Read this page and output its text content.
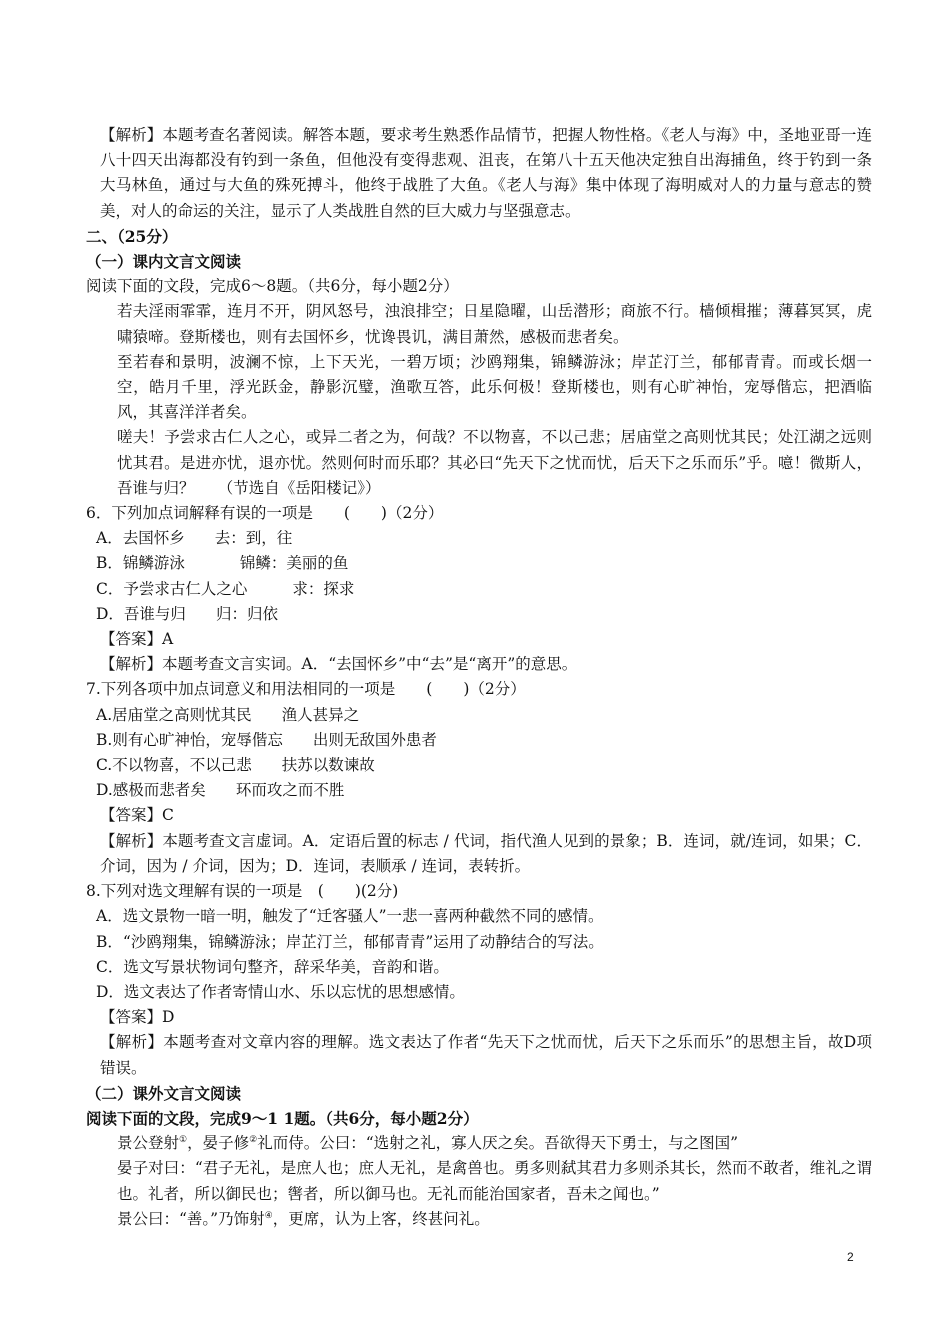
【解析】本题考查名著阅读。解答本题，要求考生熟悉作品情节，把握人物性格。《老人与海》中，圣地亚哥一连八十四天出海都没有钓到一条鱼，但他没有变得悲观、沮丧，在第八十五天他决定独自出海捕鱼，终于钓到一条大马林鱼，通过与大鱼的殊死搏斗，他终于战胜了大鱼。《老人与海》集中体现了海明威对人的力量与意志的赞美，对人的命运的关注，显示了人类战胜自然的巨大威力与坚强意志。
二、（25分）
（一）课内文言文阅读
阅读下面的文段，完成6～8题。（共6分，每小题2分）
若夫淫雨霏霏，连月不开，阴风怒号，浊浪排空；日星隐曜，山岳潜形；商旅不行。樯倾楫摧；薄暮冥冥，虎啸猿啼。登斯楼也，则有去国怀乡，忧谗畏讥，满目萧然，感极而悲者矣。
至若春和景明，波澜不惊，上下天光，一碧万顷；沙鸥翔集，锦鳞游泳；岸芷汀兰，郁郁青青。而或长烟一空，皓月千里，浮光跃金，静影沉璧，渔歌互答，此乐何极！登斯楼也，则有心旷神怡，宠辱偕忘，把酒临风，其喜洋洋者矣。
嗟夫！予尝求古仁人之心，或异二者之为，何哉？不以物喜，不以己悲；居庙堂之高则忧其民；处江湖之远则忧其君。是进亦忧，退亦忧。然则何时而乐耶？其必曰“先天下之忧而忧，后天下之乐而乐”乎。噫！微斯人，吾谁与归？　　（节选自《岳阳楼记》）
6．下列加点词解释有误的一项是　　(　　)（2分）
A．去国怀乡 去：到，往
B．锦鳞游泳	锦鳞：美丽的鱼
C．予尝求古仁人之心	求：探求
D．吾谁与归 归：归依
【答案】A
【解析】本题考查文言实词。A．“去国怀乡”中“去”是“离开”的意思。
7.下列各项中加点词意义和用法相同的一项是　　(　　)（2分）
A.居庙堂之高则忧其民 渔人甚异之
B.则有心旷神怡，宠辱偕忘 出则无敌国外患者
C.不以物喜，不以己悲 扶苏以数谏故
D.感极而悲者矣 环而攻之而不胜
【答案】C
【解析】本题考查文言虚词。A．定语后置的标志 / 代词，指代渔人见到的景象；B．连词，就/连词，如果；C．介词，因为 / 介词，因为；D．连词，表顺承 / 连词，表转折。
8.下列对选文理解有误的一项是　(　　)(2分)
A．选文景物一暗一明，触发了“迁客骚人”一悲一喜两种截然不同的感情。
B．“沙鸥翔集，锦鳞游泳；岸芷汀兰，郁郁青青”运用了动静结合的写法。
C．选文写景状物词句整齐，辞采华美，音韵和谐。
D．选文表达了作者寄情山水、乐以忘忧的思想感情。
【答案】D
【解析】本题考查对文章内容的理解。选文表达了作者“先天下之忧而忧，后天下之乐而乐”的思想主旨，故D项错误。
（二）课外文言文阅读
阅读下面的文段，完成9～1 1题。（共6分，每小题2分）
景公登射①，晏子修②礼而侍。公曰：“选射之礼，寡人厌之矣。吾欲得天下勇士，与之图国”
晏子对曰：“君子无礼，是庶人也；庶人无礼，是禽兽也。勇多则弑其君力多则杀其长，然而不敢者，维礼之谓也。礼者，所以御民也；辔者，所以御马也。无礼而能治国家者，吾未之闻也。”
景公曰：“善。”乃饰射④，更席，认为上客，终甚问礼。
2
